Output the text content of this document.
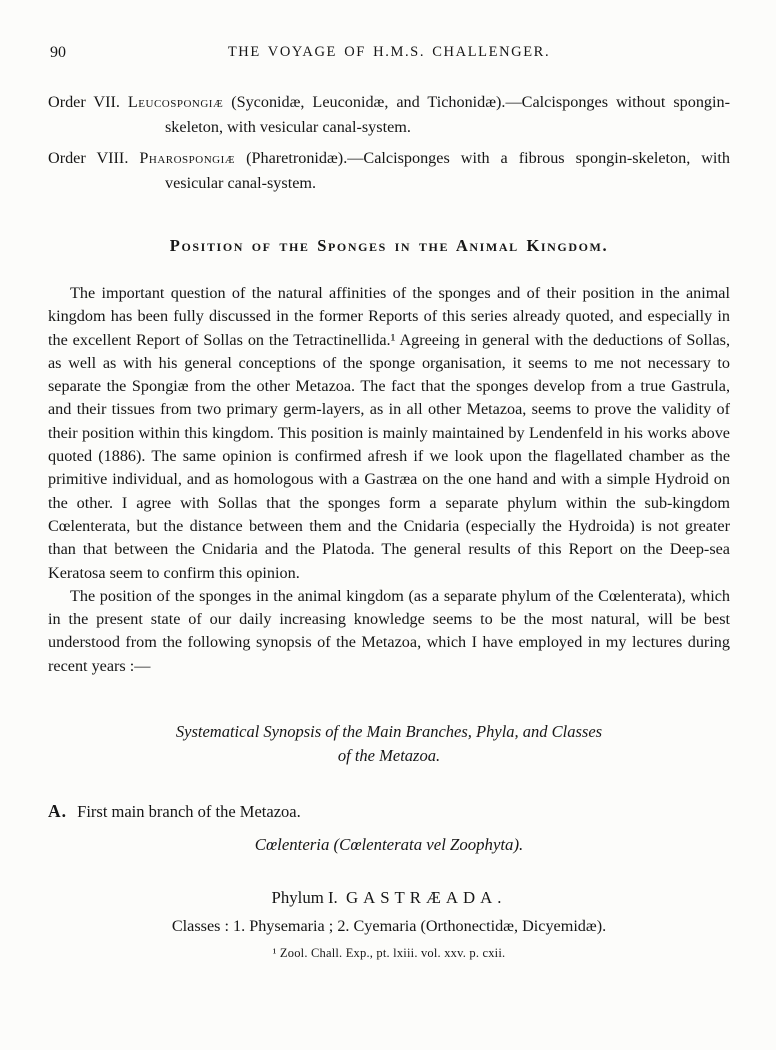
90	THE VOYAGE OF H.M.S. CHALLENGER.
Order VII. Leucospongiæ (Syconidæ, Leuconidæ, and Tichonidæ).—Calcisponges without spongin-skeleton, with vesicular canal-system.
Order VIII. Pharospongiæ (Pharetronidæ).—Calcisponges with a fibrous spongin-skeleton, with vesicular canal-system.
Position of the Sponges in the Animal Kingdom.

The important question of the natural affinities of the sponges and of their position in the animal kingdom has been fully discussed in the former Reports of this series already quoted, and especially in the excellent Report of Sollas on the Tetractinellida.¹ Agreeing in general with the deductions of Sollas, as well as with his general conceptions of the sponge organisation, it seems to me not necessary to separate the Spongiæ from the other Metazoa. The fact that the sponges develop from a true Gastrula, and their tissues from two primary germ-layers, as in all other Metazoa, seems to prove the validity of their position within this kingdom. This position is mainly maintained by Lendenfeld in his works above quoted (1886). The same opinion is confirmed afresh if we look upon the flagellated chamber as the primitive individual, and as homologous with a Gastræa on the one hand and with a simple Hydroid on the other. I agree with Sollas that the sponges form a separate phylum within the sub-kingdom Cœlenterata, but the distance between them and the Cnidaria (especially the Hydroida) is not greater than that between the Cnidaria and the Platoda. The general results of this Report on the Deep-sea Keratosa seem to confirm this opinion.

The position of the sponges in the animal kingdom (as a separate phylum of the Cœlenterata), which in the present state of our daily increasing knowledge seems to be the most natural, will be best understood from the following synopsis of the Metazoa, which I have employed in my lectures during recent years :—

Systematical Synopsis of the Main Branches, Phyla, and Classes
of the Metazoa.
A. First main branch of the Metazoa.
Cœlenteria (Cœlenterata vel Zoophyta).
Phylum I. GASTRÆADA.
Classes : 1. Physemaria ; 2. Cyemaria (Orthonectidæ, Dicyemidæ).
¹ Zool. Chall. Exp., pt. lxiii. vol. xxv. p. cxii.
